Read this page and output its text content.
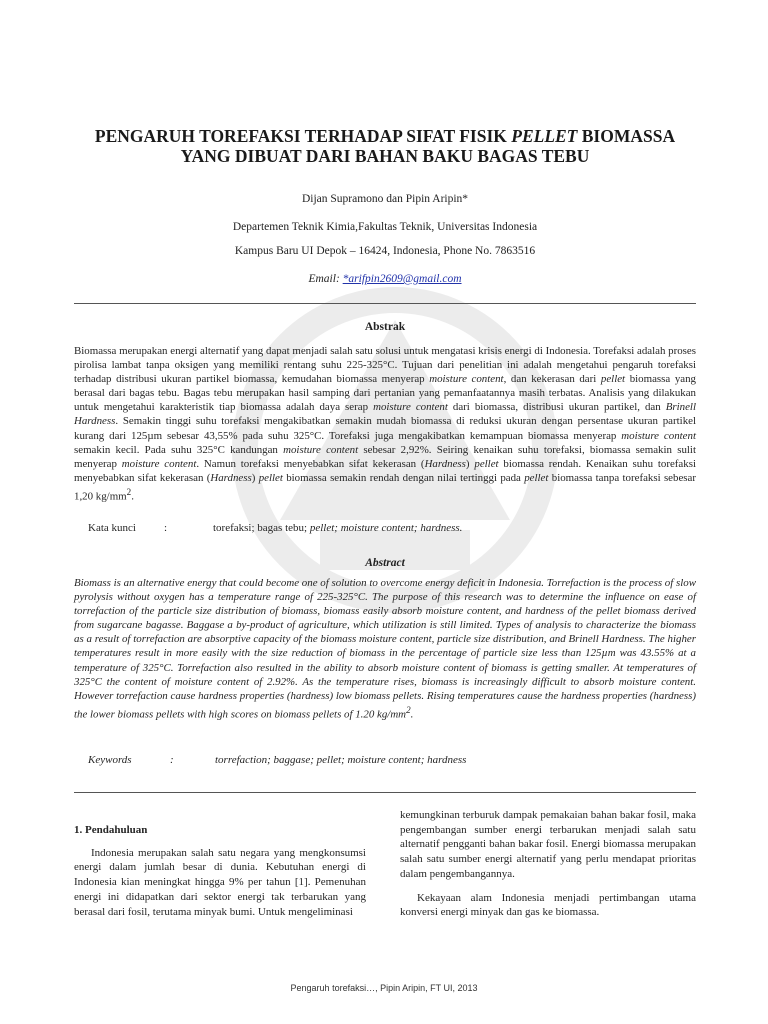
PENGARUH TOREFAKSI TERHADAP SIFAT FISIK PELLET BIOMASSA
YANG DIBUAT DARI BAHAN BAKU BAGAS TEBU
Dijan Supramono dan Pipin Aripin*
Departemen Teknik Kimia,Fakultas Teknik, Universitas Indonesia
Kampus Baru UI Depok – 16424, Indonesia, Phone No. 7863516
Email: *arifpin2609@gmail.com
Abstrak
Biomassa merupakan energi alternatif yang dapat menjadi salah satu solusi untuk mengatasi krisis energi di Indonesia. Torefaksi adalah proses pirolisa lambat tanpa oksigen yang memiliki rentang suhu 225-325°C. Tujuan dari penelitian ini adalah mengetahui pengaruh torefaksi terhadap distribusi ukuran partikel biomassa, kemudahan biomassa menyerap moisture content, dan kekerasan dari pellet biomassa yang berasal dari bagas tebu. Bagas tebu merupakan hasil samping dari pertanian yang pemanfaatannya masih terbatas. Analisis yang dilakukan untuk mengetahui karakteristik tiap biomassa adalah daya serap moisture content dari biomassa, distribusi ukuran partikel, dan Brinell Hardness. Semakin tinggi suhu torefaksi mengakibatkan semakin mudah biomassa di reduksi ukuran dengan persentase ukuran partikel kurang dari 125µm sebesar 43,55% pada suhu 325°C. Torefaksi juga mengakibatkan kemampuan biomassa menyerap moisture content semakin kecil. Pada suhu 325°C kandungan moisture content sebesar 2,92%. Seiring kenaikan suhu torefaksi, biomassa semakin sulit menyerap moisture content. Namun torefaksi menyebabkan sifat kekerasan (Hardness) pellet biomassa rendah. Kenaikan suhu torefaksi menyebabkan sifat kekerasan (Hardness) pellet biomassa semakin rendah dengan nilai tertinggi pada pellet biomassa tanpa torefaksi sebesar 1,20 $kg/mm^2$.
Kata kunci	:	torefaksi; bagas tebu; pellet; moisture content; hardness.
Abstract
Biomass is an alternative energy that could become one of solution to overcome energy deficit in Indonesia. Torrefaction is the process of slow pyrolysis without oxygen has a temperature range of 225-325°C. The purpose of this research was to determine the influence on ease of torrefaction of the particle size distribution of biomass, biomass easily absorb moisture content, and hardness of the pellet biomass derived from sugarcane bagasse. Baggase a by-product of agriculture, which utilization is still limited. Types of analysis to characterize the biomass as a result of torrefaction are absorptive capacity of the biomass moisture content, particle size distribution, and Brinell Hardness. The higher temperatures result in more easily with the size reduction of biomass in the percentage of particle size less than 125µm was 43.55% at a temperature of 325°C. Torrefaction also resulted in the ability to absorb moisture content of biomass is getting smaller. At temperatures of 325°C the content of moisture content of 2.92%. As the temperature rises, biomass is increasingly difficult to absorb moisture content. However torrefaction cause hardness properties (hardness) low biomass pellets. Rising temperatures cause the hardness properties (hardness) the lower biomass pellets with high scores on biomass pellets of 1.20 $kg/mm^2$.
Keywords	:	torrefaction; baggase; pellet; moisture content; hardness
1. Pendahuluan

Indonesia merupakan salah satu negara yang mengkonsumsi energi dalam jumlah besar di dunia. Kebutuhan energi di Indonesia kian meningkat hingga 9% per tahun [1]. Pemenuhan energi ini didapatkan dari sektor energi tak terbarukan yang berasal dari fosil, terutama minyak bumi. Untuk mengeliminasi

kemungkinan terburuk dampak pemakaian bahan bakar fosil, maka pengembangan sumber energi terbarukan menjadi salah satu alternatif pengganti bahan bakar fosil. Energi biomassa merupakan salah satu sumber energi alternatif yang perlu mendapat prioritas dalam pengembangannya.

Kekayaan alam Indonesia menjadi pertimbangan utama konversi energi minyak dan gas ke biomassa.

Pengaruh torefaksi…, Pipin Aripin, FT UI, 2013
